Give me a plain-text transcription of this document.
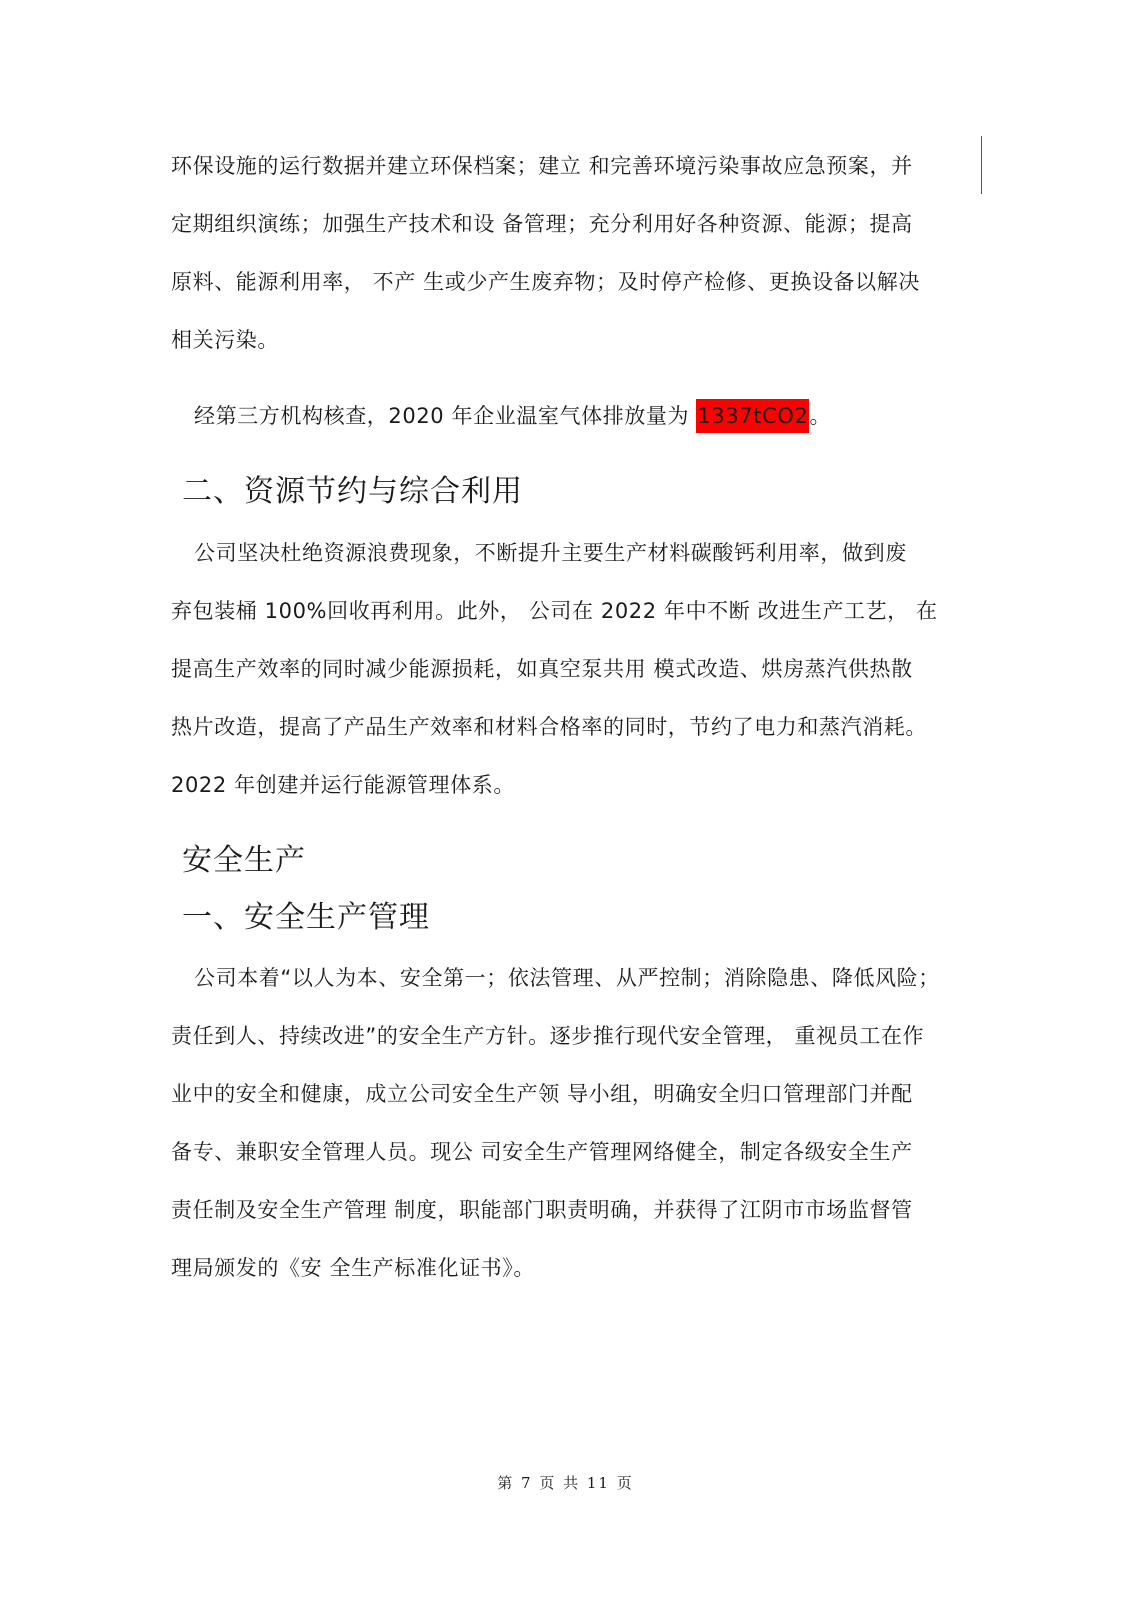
环保设施的运行数据并建立环保档案；建立 和完善环境污染事故应急预案，并
定期组织演练；加强生产技术和设 备管理；充分利用好各种资源、能源；提高
原料、能源利用率， 不产 生或少产生废弃物；及时停产检修、更换设备以解决
相关污染。
经第三方机构核查，2020 年企业温室气体排放量为 1337tCO2。
二、资源节约与综合利用
公司坚决杜绝资源浪费现象，不断提升主要生产材料碳酸钙利用率，做到废
弃包装桶 100%回收再利用。此外， 公司在 2022 年中不断 改进生产工艺， 在
提高生产效率的同时减少能源损耗，如真空泵共用 模式改造、烘房蒸汽供热散
热片改造，提高了产品生产效率和材料合格率的同时，节约了电力和蒸汽消耗。
2022 年创建并运行能源管理体系。
安全生产
一、安全生产管理
公司本着“以人为本、安全第一；依法管理、从严控制；消除隐患、降低风险；
责任到人、持续改进”的安全生产方针。逐步推行现代安全管理， 重视员工在作
业中的安全和健康，成立公司安全生产领 导小组，明确安全归口管理部门并配
备专、兼职安全管理人员。现公 司安全生产管理网络健全，制定各级安全生产
责任制及安全生产管理 制度，职能部门职责明确，并获得了江阴市市场监督管
理局颁发的《安 全生产标准化证书》。
第 7 页 共 11 页
